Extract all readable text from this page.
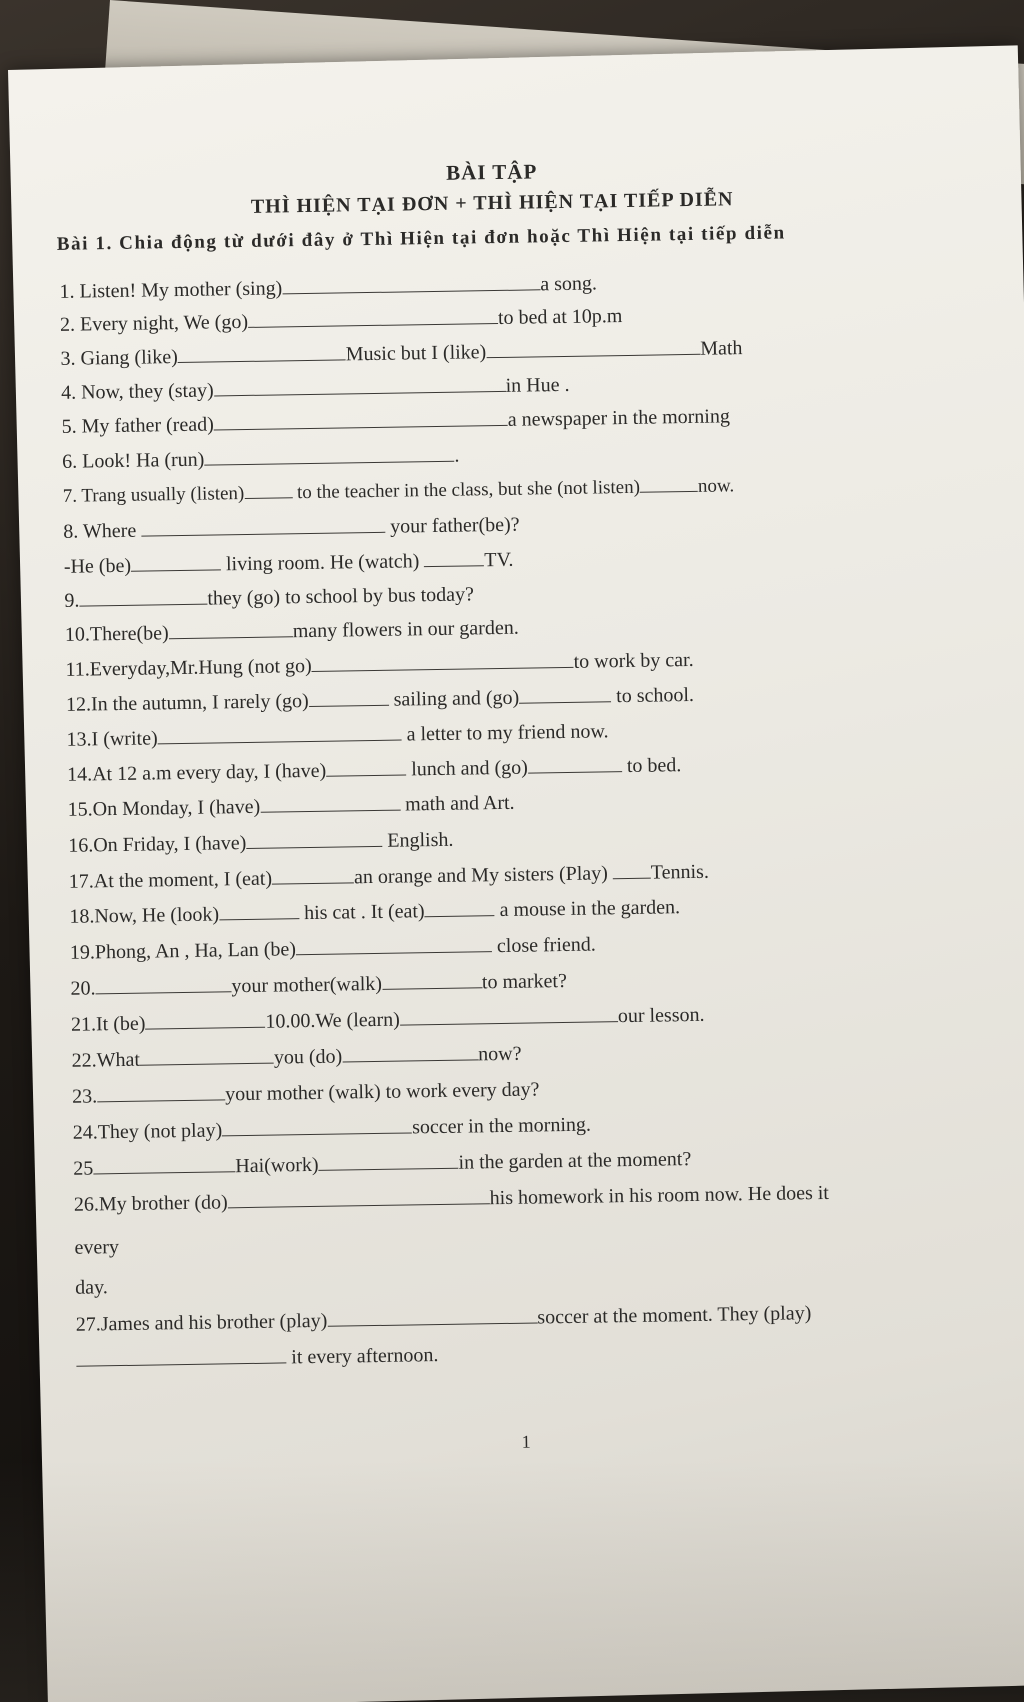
BÀI TẬP
THÌ HIỆN TẠI ĐƠN + THÌ HIỆN TẠI TIẾP DIỄN
Bài 1. Chia động từ dưới đây ở Thì Hiện tại đơn hoặc Thì Hiện tại tiếp diễn
1. Listen! My mother (sing)	a song.
2. Every night, We (go)	to bed at 10p.m
3. Giang (like)	Music but I (like)	Math
4. Now, they (stay)	in Hue .
5. My father (read)	a newspaper in the morning
6. Look! Ha (run)	.
7. Trang usually (listen)	to the teacher in the class, but she (not listen)	now.
8. Where	your father(be)?
-He (be)	living room. He (watch)	TV.
9.	they (go) to school by bus today?
10.There(be)	many flowers in our garden.
11.Everyday,Mr.Hung (not go)	to work by car.
12.In the autumn, I rarely (go)	sailing and (go)	to school.
13.I (write)	a letter to my friend now.
14.At 12 a.m every day, I (have)	lunch and (go)	to bed.
15.On Monday, I (have)	math and Art.
16.On Friday, I (have)	English.
17.At the moment, I (eat)	an orange and My sisters (Play) Tennis.
18.Now, He (look)	his cat . It (eat)	a mouse in the garden.
19.Phong, An , Ha, Lan (be)	close friend.
20.	your mother(walk)	to market?
21.It (be)	10.00.We (learn)	our lesson.
22.What	you (do)	now?
23.	your mother (walk) to work every day?
24.They (not play)	soccer in the morning.
25	Hai(work)	in the garden at the moment?
26.My brother (do)	his homework in his room now. He does it
every
day.
27.James and his brother (play)	soccer at the moment. They (play)
it every afternoon.
1
